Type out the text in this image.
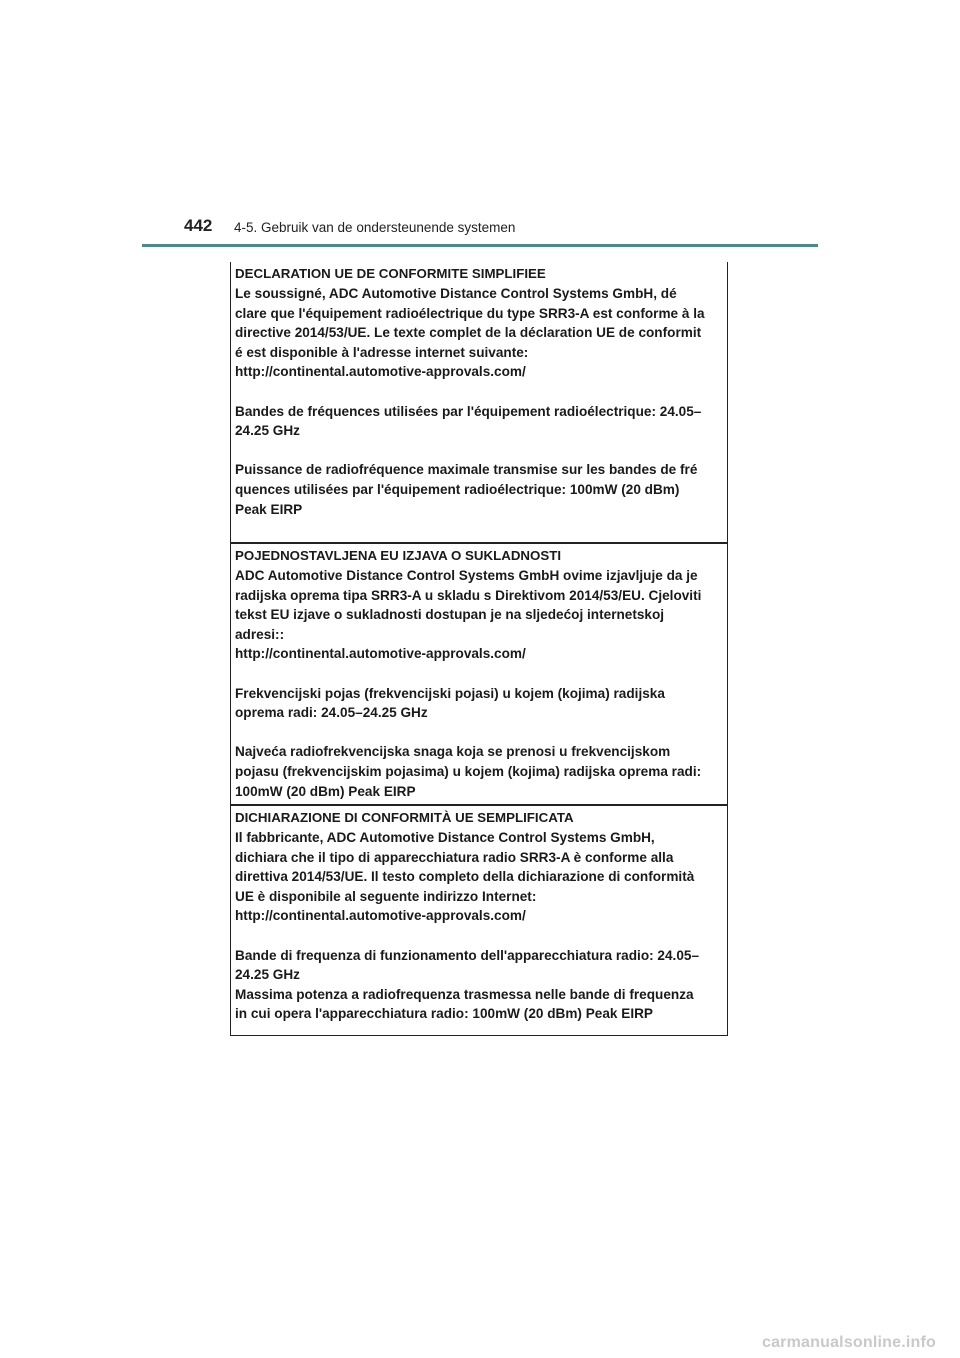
442 4-5. Gebruik van de ondersteunende systemen
DECLARATION UE DE CONFORMITE SIMPLIFIEE
Le soussigné, ADC Automotive Distance Control Systems GmbH, dé
clare que l'équipement radioélectrique du type SRR3-A est conforme à la
directive 2014/53/UE. Le texte complet de la déclaration UE de conformit
é est disponible à l'adresse internet suivante:
http://continental.automotive-approvals.com/
Bandes de fréquences utilisées par l'équipement radioélectrique: 24.05–
24.25 GHz
Puissance de radiofréquence maximale transmise sur les bandes de fré
quences utilisées par l'équipement radioélectrique: 100mW (20 dBm)
Peak EIRP
POJEDNOSTAVLJENA EU IZJAVA O SUKLADNOSTI
ADC Automotive Distance Control Systems GmbH ovime izjavljuje da je
radijska oprema tipa SRR3-A u skladu s Direktivom 2014/53/EU. Cjeloviti
tekst EU izjave o sukladnosti dostupan je na sljedećoj internetskoj
adresi::
http://continental.automotive-approvals.com/
Frekvencijski pojas (frekvencijski pojasi) u kojem (kojima) radijska
oprema radi: 24.05–24.25 GHz
Najveća radiofrekvencijska snaga koja se prenosi u frekvencijskom
pojasu (frekvencijskim pojasima) u kojem (kojima) radijska oprema radi:
100mW (20 dBm) Peak EIRP
DICHIARAZIONE DI CONFORMITÀ UE SEMPLIFICATA
Il fabbricante, ADC Automotive Distance Control Systems GmbH,
dichiara che il tipo di apparecchiatura radio SRR3-A è conforme alla
direttiva 2014/53/UE. Il testo completo della dichiarazione di conformità
UE è disponibile al seguente indirizzo Internet:
http://continental.automotive-approvals.com/
Bande di frequenza di funzionamento dell'apparecchiatura radio: 24.05–
24.25 GHz
Massima potenza a radiofrequenza trasmessa nelle bande di frequenza
in cui opera l'apparecchiatura radio: 100mW (20 dBm) Peak EIRP
carmanualsonline.info
